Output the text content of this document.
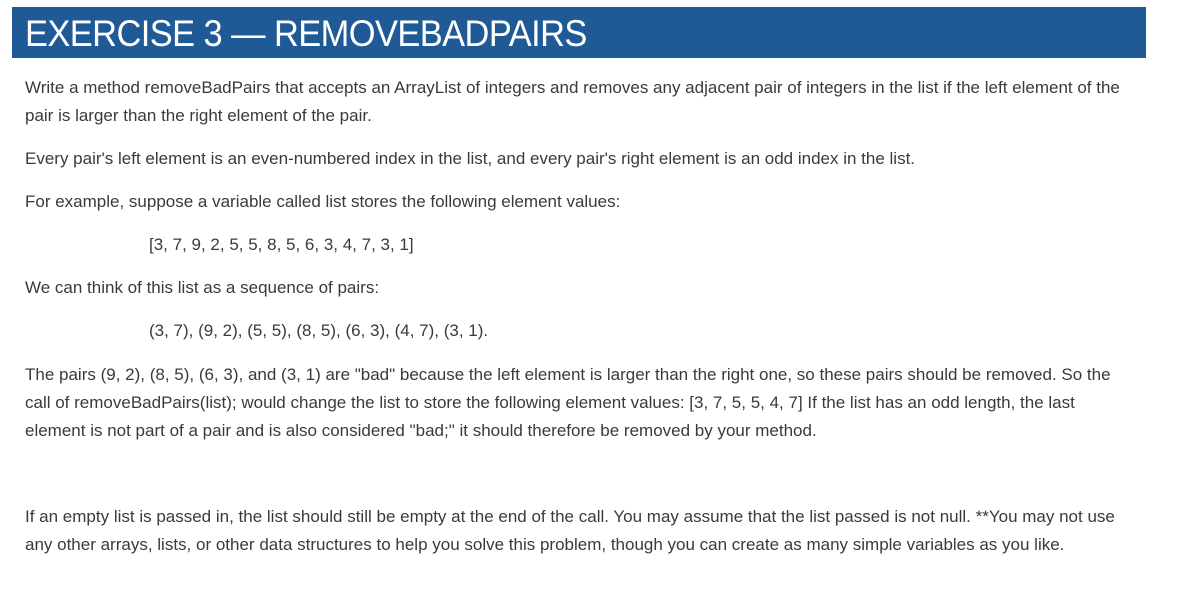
EXERCISE 3 — REMOVEBADPAIRS

Write a method removeBadPairs that accepts an ArrayList of integers and removes any adjacent pair of integers in the list if the left element of the pair is larger than the right element of the pair.

Every pair's left element is an even-numbered index in the list, and every pair's right element is an odd index in the list.

For example, suppose a variable called list stores the following element values:

[3, 7, 9, 2, 5, 5, 8, 5, 6, 3, 4, 7, 3, 1]

We can think of this list as a sequence of pairs:

(3, 7), (9, 2), (5, 5), (8, 5), (6, 3), (4, 7), (3, 1).

The pairs (9, 2), (8, 5), (6, 3), and (3, 1) are "bad" because the left element is larger than the right one, so these pairs should be removed. So the call of removeBadPairs(list); would change the list to store the following element values: [3, 7, 5, 5, 4, 7] If the list has an odd length, the last element is not part of a pair and is also considered "bad;" it should therefore be removed by your method.

If an empty list is passed in, the list should still be empty at the end of the call. You may assume that the list passed is not null. **You may not use any other arrays, lists, or other data structures to help you solve this problem, though you can create as many simple variables as you like.
